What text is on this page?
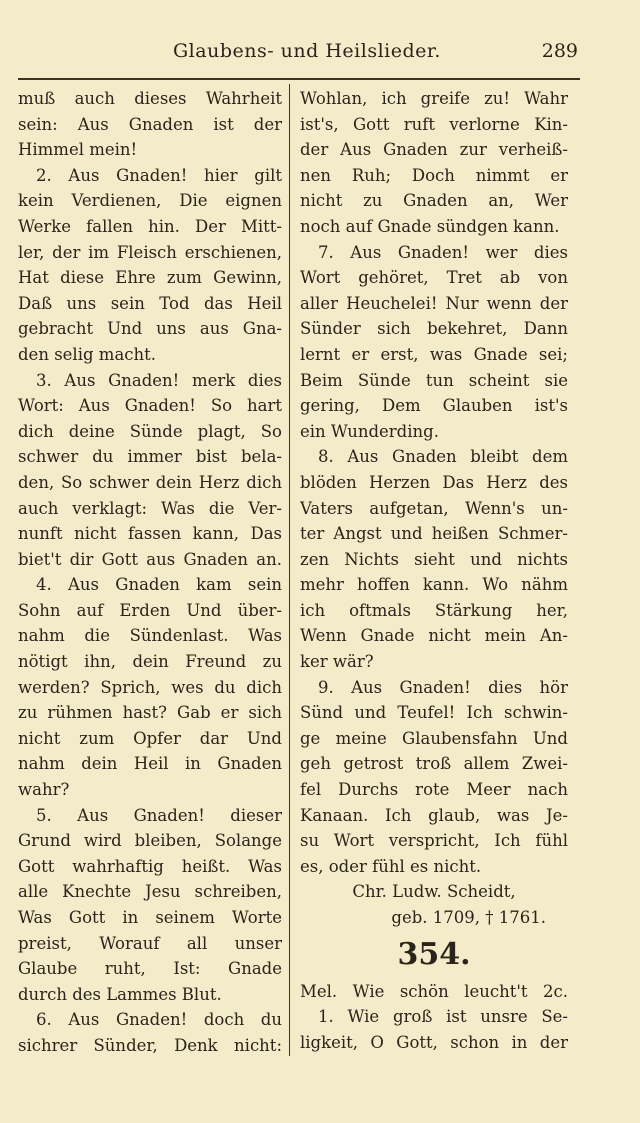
Glaubens- und Heilslieder.	289
muß auch dieses Wahrheit
sein: Aus Gnaden ist der
Himmel mein!
2. Aus Gnaden! hier gilt
kein Verdienen, Die eignen
Werke fallen hin. Der Mitt-
ler, der im Fleisch erschienen,
Hat diese Ehre zum Gewinn,
Daß uns sein Tod das Heil
gebracht Und uns aus Gna-
den selig macht.
3. Aus Gnaden! merk dies
Wort: Aus Gnaden! So hart
dich deine Sünde plagt, So
schwer du immer bist bela-
den, So schwer dein Herz dich
auch verklagt: Was die Ver-
nunft nicht fassen kann, Das
biet't dir Gott aus Gnaden an.
4. Aus Gnaden kam sein
Sohn auf Erden Und über-
nahm die Sündenlast. Was
nötigt ihn, dein Freund zu
werden? Sprich, wes du dich
zu rühmen hast? Gab er sich
nicht zum Opfer dar Und
nahm dein Heil in Gnaden
wahr?
5. Aus Gnaden! dieser
Grund wird bleiben, Solange
Gott wahrhaftig heißt. Was
alle Knechte Jesu schreiben,
Was Gott in seinem Worte
preist, Worauf all unser
Glaube ruht, Ist: Gnade
durch des Lammes Blut.
6. Aus Gnaden! doch du
sichrer Sünder, Denk nicht:
Wohlan, ich greife zu! Wahr
ist's, Gott ruft verlorne Kin-
der Aus Gnaden zur verheiß-
nen Ruh; Doch nimmt er
nicht zu Gnaden an, Wer
noch auf Gnade sündgen kann.
7. Aus Gnaden! wer dies
Wort gehöret, Tret ab von
aller Heuchelei! Nur wenn der
Sünder sich bekehret, Dann
lernt er erst, was Gnade sei;
Beim Sünde tun scheint sie
gering, Dem Glauben ist's
ein Wunderding.
8. Aus Gnaden bleibt dem
blöden Herzen Das Herz des
Vaters aufgetan, Wenn's un-
ter Angst und heißen Schmer-
zen Nichts sieht und nichts
mehr hoffen kann. Wo nähm
ich oftmals Stärkung her,
Wenn Gnade nicht mein An-
ker wär?
9. Aus Gnaden! dies hör
Sünd und Teufel! Ich schwin-
ge meine Glaubensfahn Und
geh getrost troß allem Zwei-
fel Durchs rote Meer nach
Kanaan. Ich glaub, was Je-
su Wort verspricht, Ich fühl
es, oder fühl es nicht.
Chr. Ludw. Scheidt,
geb. 1709, † 1761.
354.
Mel. Wie schön leucht't 2c.
1. Wie groß ist unsre Se-
ligkeit, O Gott, schon in der
